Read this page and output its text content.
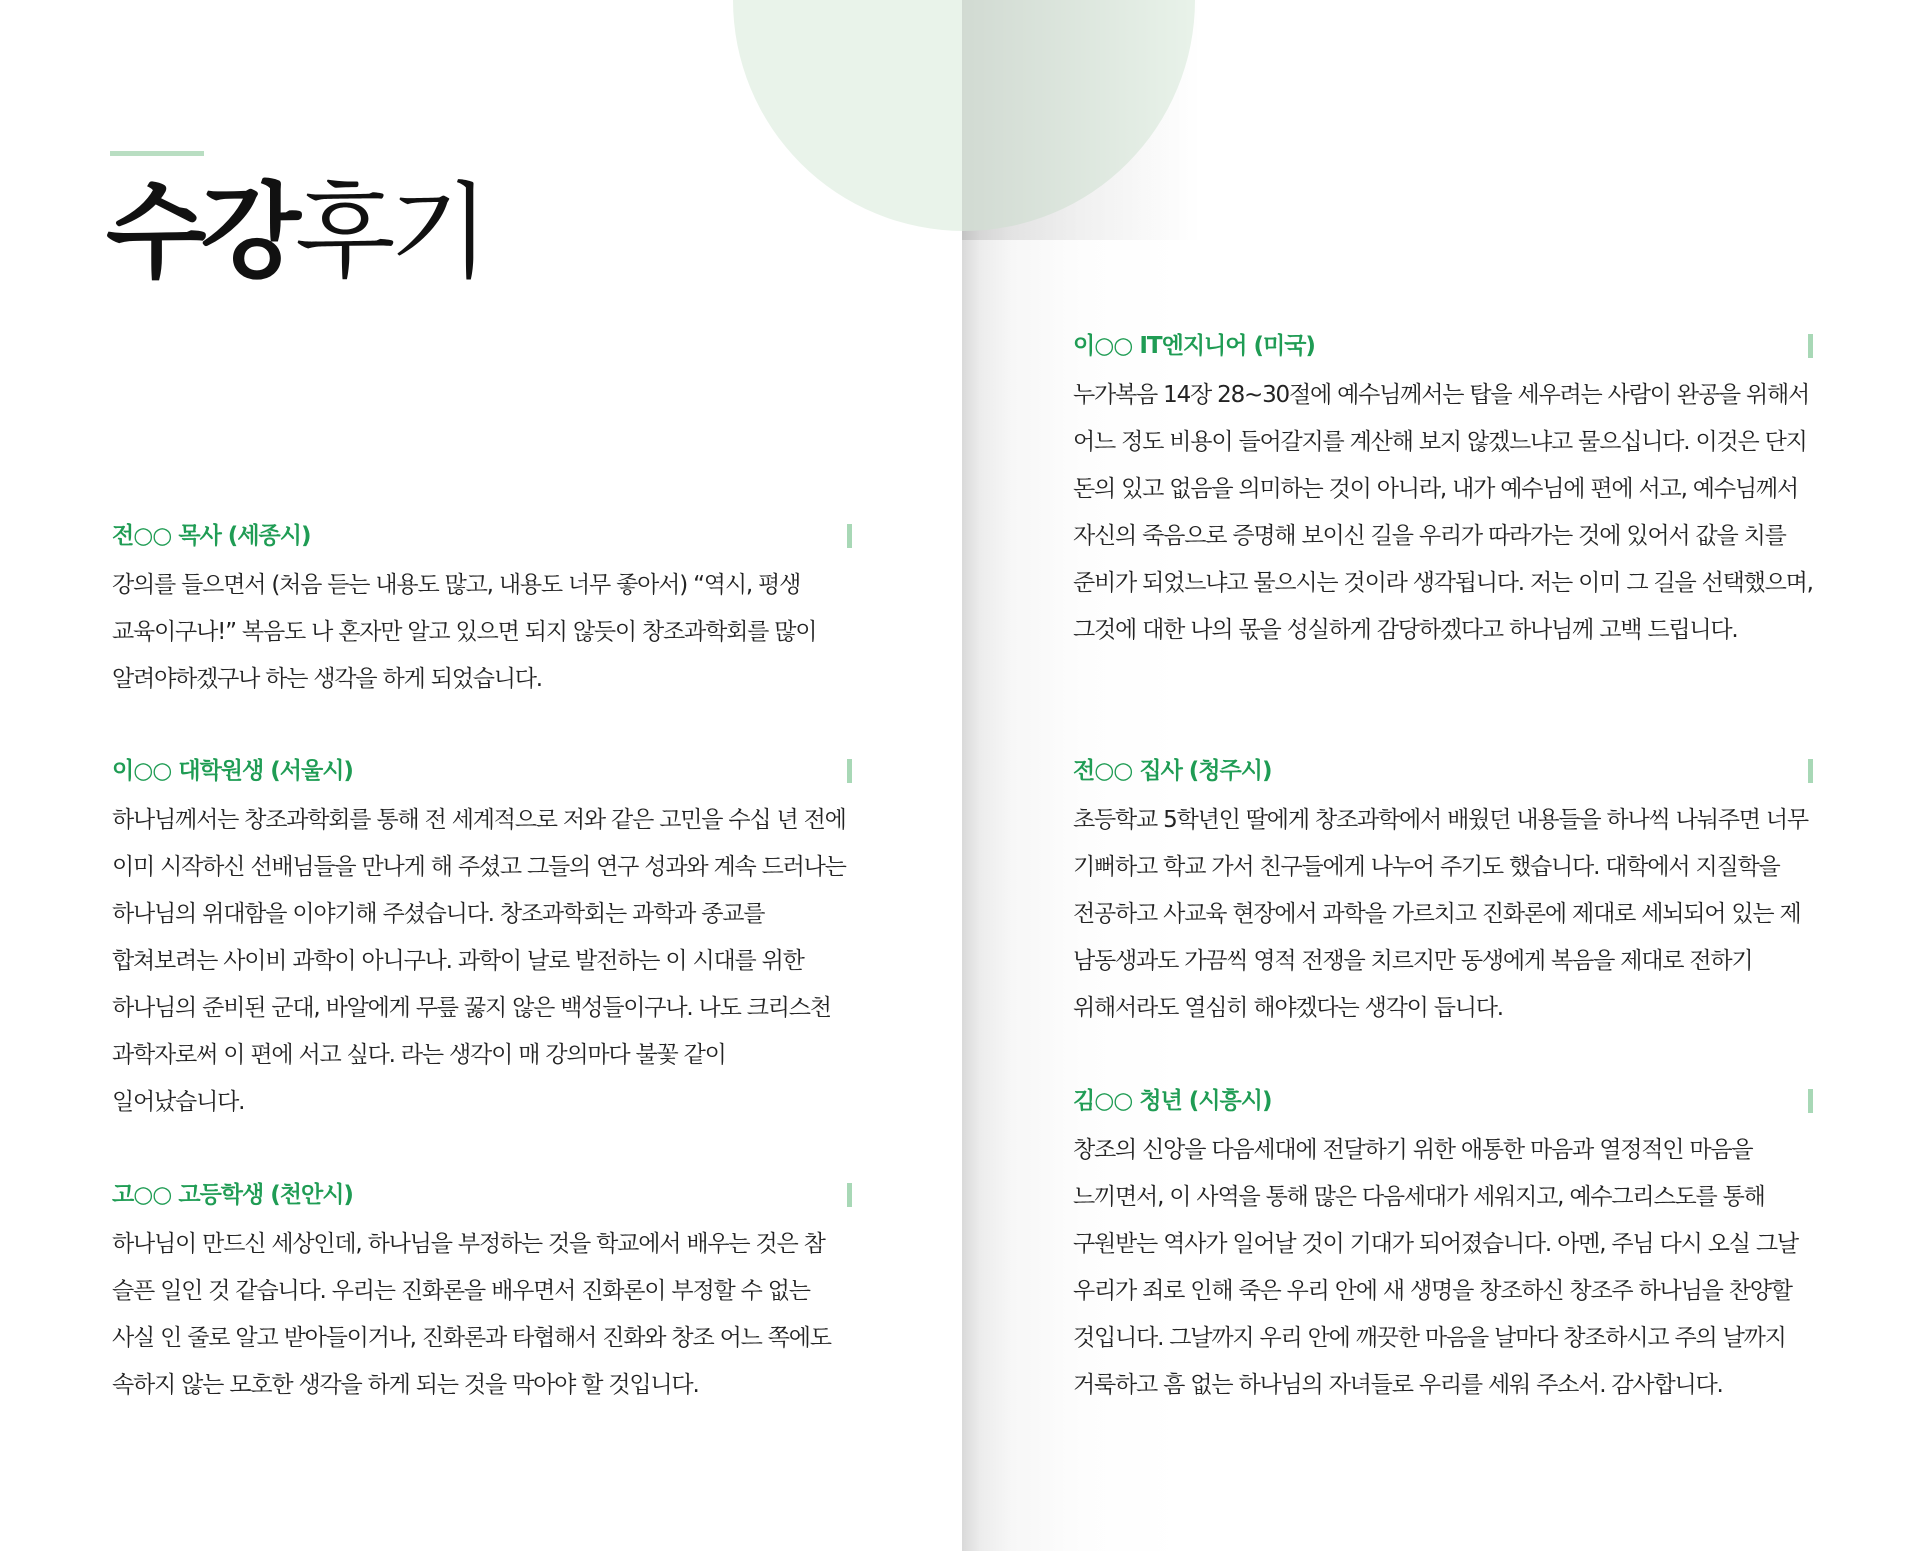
수강후기
전○○ 목사 (세종시)
강의를 들으면서 (처음 듣는 내용도 많고, 내용도 너무 좋아서) “역시, 평생 교육이구나!” 복음도 나 혼자만 알고 있으면 되지 않듯이 창조과학회를 많이 알려야하겠구나 하는 생각을 하게 되었습니다.
이○○ 대학원생 (서울시)
하나님께서는 창조과학회를 통해 전 세계적으로 저와 같은 고민을 수십 년 전에 이미 시작하신 선배님들을 만나게 해 주셨고 그들의 연구 성과와 계속 드러나는 하나님의 위대함을 이야기해 주셨습니다. 창조과학회는 과학과 종교를 합쳐보려는 사이비 과학이 아니구나. 과학이 날로 발전하는 이 시대를 위한 하나님의 준비된 군대, 바알에게 무릎 꿇지 않은 백성들이구나. 나도 크리스천 과학자로써 이 편에 서고 싶다. 라는 생각이 매 강의마다 불꽃 같이 일어났습니다.
고○○ 고등학생 (천안시)
하나님이 만드신 세상인데, 하나님을 부정하는 것을 학교에서 배우는 것은 참 슬픈 일인 것 같습니다. 우리는 진화론을 배우면서 진화론이 부정할 수 없는 사실 인 줄로 알고 받아들이거나, 진화론과 타협해서 진화와 창조 어느 쪽에도 속하지 않는 모호한 생각을 하게 되는 것을 막아야 할 것입니다.
이○○ IT엔지니어 (미국)
누가복음 14장 28~30절에 예수님께서는 탑을 세우려는 사람이 완공을 위해서 어느 정도 비용이 들어갈지를 계산해 보지 않겠느냐고 물으십니다. 이것은 단지 돈의 있고 없음을 의미하는 것이 아니라, 내가 예수님에 편에 서고, 예수님께서 자신의 죽음으로 증명해 보이신 길을 우리가 따라가는 것에 있어서 값을 치를 준비가 되었느냐고 물으시는 것이라 생각됩니다. 저는 이미 그 길을 선택했으며, 그것에 대한 나의 몫을 성실하게 감당하겠다고 하나님께 고백 드립니다.
전○○ 집사 (청주시)
초등학교 5학년인 딸에게 창조과학에서 배웠던 내용들을 하나씩 나눠주면 너무 기뻐하고 학교 가서 친구들에게 나누어 주기도 했습니다. 대학에서 지질학을 전공하고 사교육 현장에서 과학을 가르치고 진화론에 제대로 세뇌되어 있는 제 남동생과도 가끔씩 영적 전쟁을 치르지만 동생에게 복음을 제대로 전하기 위해서라도 열심히 해야겠다는 생각이 듭니다.
김○○ 청년 (시흥시)
창조의 신앙을 다음세대에 전달하기 위한 애통한 마음과 열정적인 마음을 느끼면서, 이 사역을 통해 많은 다음세대가 세워지고, 예수그리스도를 통해 구원받는 역사가 일어날 것이 기대가 되어졌습니다. 아멘, 주님 다시 오실 그날 우리가 죄로 인해 죽은 우리 안에 새 생명을 창조하신 창조주 하나님을 찬양할 것입니다. 그날까지 우리 안에 깨끗한 마음을 날마다 창조하시고 주의 날까지 거룩하고 흠 없는 하나님의 자녀들로 우리를 세워 주소서. 감사합니다.
